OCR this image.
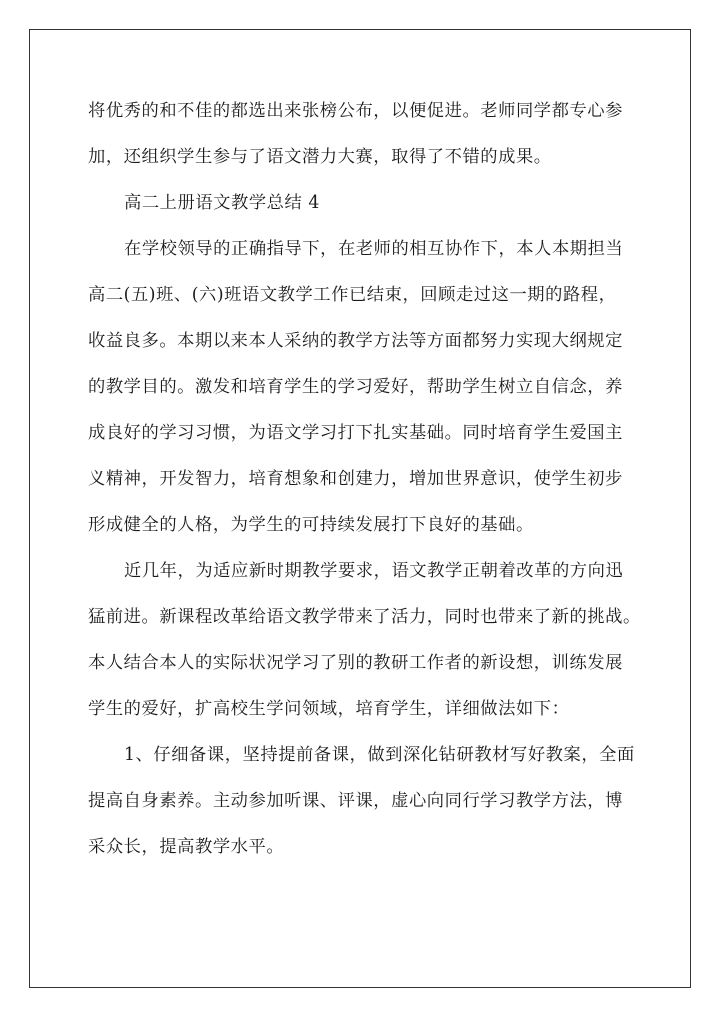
将优秀的和不佳的都选出来张榜公布，以便促进。老师同学都专心参
加，还组织学生参与了语文潜力大赛，取得了不错的成果。
高二上册语文教学总结 4
在学校领导的正确指导下，在老师的相互协作下，本人本期担当
高二(五)班、(六)班语文教学工作已结束，回顾走过这一期的路程，
收益良多。本期以来本人采纳的教学方法等方面都努力实现大纲规定
的教学目的。激发和培育学生的学习爱好，帮助学生树立自信念，养
成良好的学习习惯，为语文学习打下扎实基础。同时培育学生爱国主
义精神，开发智力，培育想象和创建力，增加世界意识，使学生初步
形成健全的人格，为学生的可持续发展打下良好的基础。
近几年，为适应新时期教学要求，语文教学正朝着改革的方向迅
猛前进。新课程改革给语文教学带来了活力，同时也带来了新的挑战。
本人结合本人的实际状况学习了别的教研工作者的新设想，训练发展
学生的爱好，扩高校生学问领域，培育学生，详细做法如下：
1、仔细备课，坚持提前备课，做到深化钻研教材写好教案，全面
提高自身素养。主动参加听课、评课，虚心向同行学习教学方法，博
采众长，提高教学水平。
